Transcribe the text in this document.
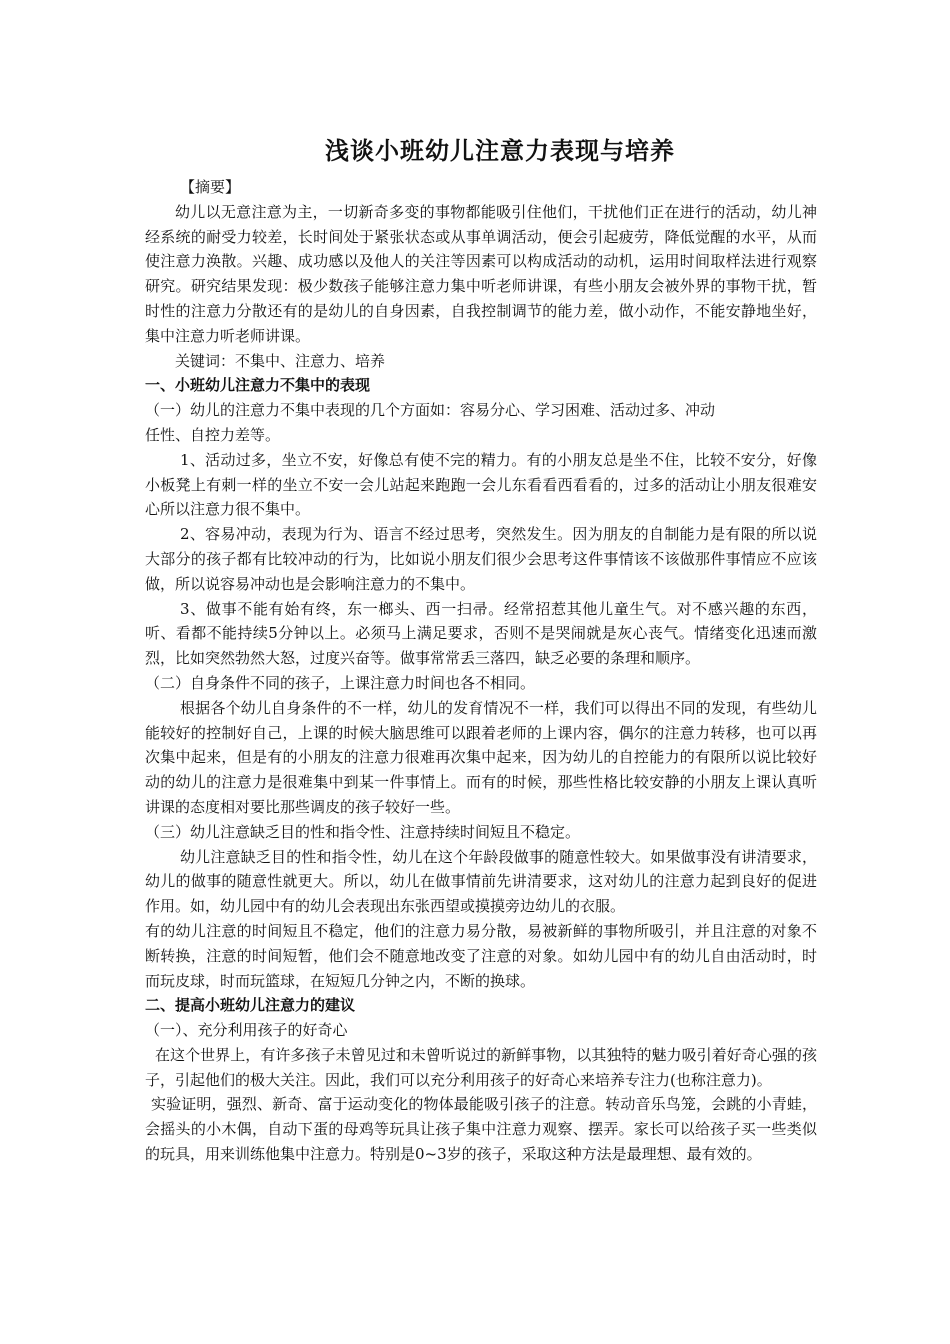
浅谈小班幼儿注意力表现与培养

【摘要】

幼儿以无意注意为主，一切新奇多变的事物都能吸引住他们，干扰他们正在进行的活动，幼儿神经系统的耐受力较差，长时间处于紧张状态或从事单调活动，便会引起疲劳，降低觉醒的水平，从而使注意力涣散。兴趣、成功感以及他人的关注等因素可以构成活动的动机，运用时间取样法进行观察研究。研究结果发现：极少数孩子能够注意力集中听老师讲课，有些小朋友会被外界的事物干扰，暂时性的注意力分散还有的是幼儿的自身因素，自我控制调节的能力差，做小动作，不能安静地坐好，集中注意力听老师讲课。

关键词：不集中、注意力、培养

一、小班幼儿注意力不集中的表现

（一）幼儿的注意力不集中表现的几个方面如：容易分心、学习困难、活动过多、冲动

任性、自控力差等。

1、活动过多，坐立不安，好像总有使不完的精力。有的小朋友总是坐不住，比较不安分，好像小板凳上有刺一样的坐立不安一会儿站起来跑跑一会儿东看看西看看的，过多的活动让小朋友很难安心所以注意力很不集中。

2、容易冲动，表现为行为、语言不经过思考，突然发生。因为朋友的自制能力是有限的所以说大部分的孩子都有比较冲动的行为，比如说小朋友们很少会思考这件事情该不该做那件事情应不应该做，所以说容易冲动也是会影响注意力的不集中。

3、做事不能有始有终，东一榔头、西一扫帚。经常招惹其他儿童生气。对不感兴趣的东西，听、看都不能持续5分钟以上。必须马上满足要求，否则不是哭闹就是灰心丧气。情绪变化迅速而激烈，比如突然勃然大怒，过度兴奋等。做事常常丢三落四，缺乏必要的条理和顺序。

（二）自身条件不同的孩子，上课注意力时间也各不相同。

根据各个幼儿自身条件的不一样，幼儿的发育情况不一样，我们可以得出不同的发现，有些幼儿能较好的控制好自己，上课的时候大脑思维可以跟着老师的上课内容，偶尔的注意力转移，也可以再次集中起来，但是有的小朋友的注意力很难再次集中起来，因为幼儿的自控能力的有限所以说比较好动的幼儿的注意力是很难集中到某一件事情上。而有的时候，那些性格比较安静的小朋友上课认真听讲课的态度相对要比那些调皮的孩子较好一些。

（三）幼儿注意缺乏目的性和指令性、注意持续时间短且不稳定。

幼儿注意缺乏目的性和指令性，幼儿在这个年龄段做事的随意性较大。如果做事没有讲清要求，幼儿的做事的随意性就更大。所以，幼儿在做事情前先讲清要求，这对幼儿的注意力起到良好的促进作用。如，幼儿园中有的幼儿会表现出东张西望或摸摸旁边幼儿的衣服。

有的幼儿注意的时间短且不稳定，他们的注意力易分散，易被新鲜的事物所吸引，并且注意的对象不断转换，注意的时间短暂，他们会不随意地改变了注意的对象。如幼儿园中有的幼儿自由活动时，时而玩皮球，时而玩篮球，在短短几分钟之内，不断的换球。

二、提高小班幼儿注意力的建议

（一）、充分利用孩子的好奇心

在这个世界上，有许多孩子未曾见过和未曾听说过的新鲜事物，以其独特的魅力吸引着好奇心强的孩子，引起他们的极大关注。因此，我们可以充分利用孩子的好奇心来培养专注力(也称注意力)。

实验证明，强烈、新奇、富于运动变化的物体最能吸引孩子的注意。转动音乐鸟笼，会跳的小青蛙，会摇头的小木偶，自动下蛋的母鸡等玩具让孩子集中注意力观察、摆弄。家长可以给孩子买一些类似的玩具，用来训练他集中注意力。特别是0~3岁的孩子，采取这种方法是最理想、最有效的。
